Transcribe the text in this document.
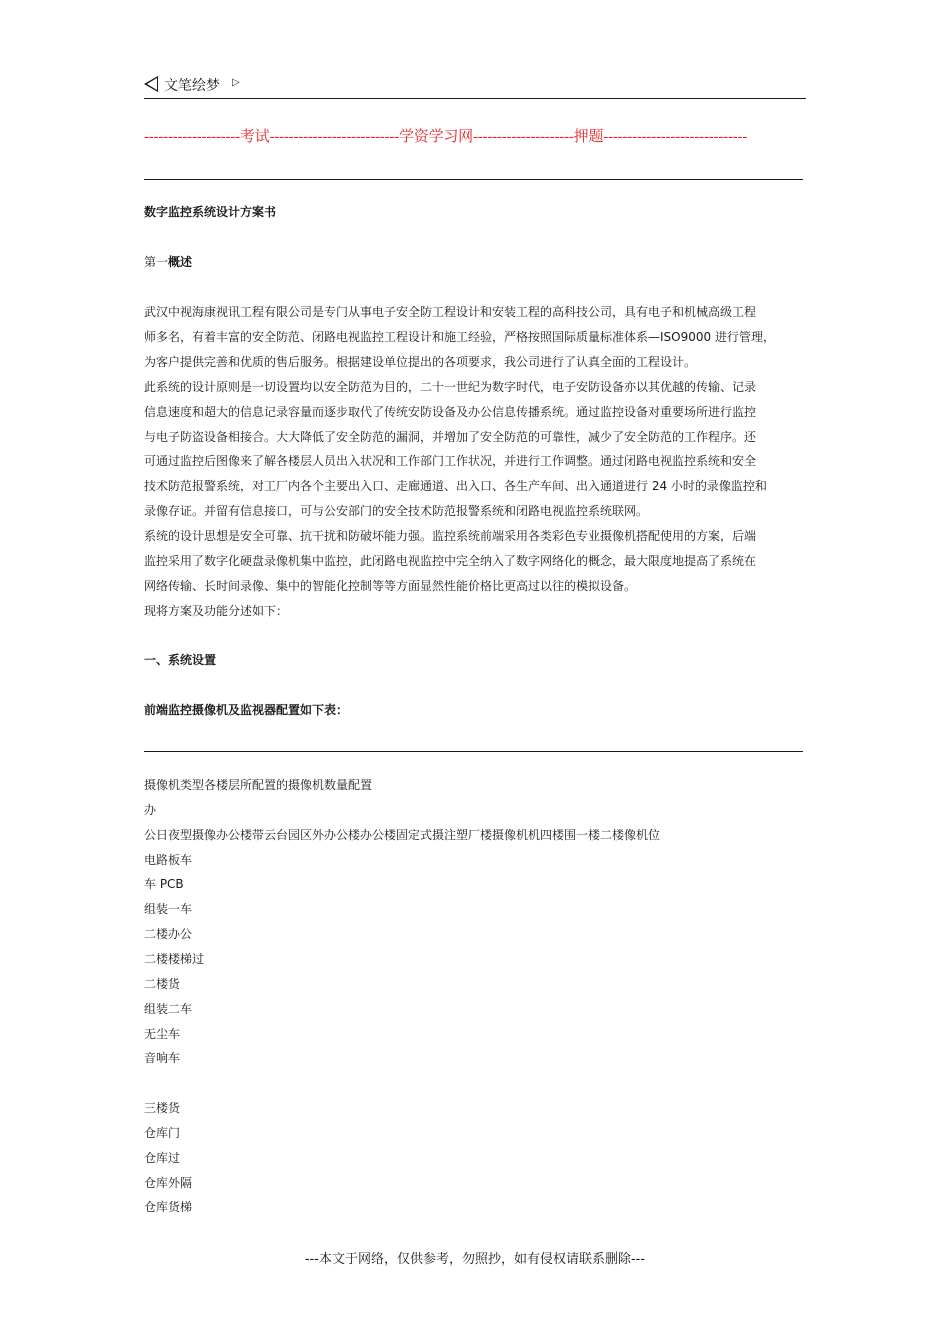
文笔绘梦 ▷
--------------------考试---------------------------学资学习网---------------------押题------------------------------
数字监控系统设计方案书
第一概述
武汉中视海康视讯工程有限公司是专门从事电子安全防工程设计和安装工程的高科技公司，具有电子和机械高级工程
师多名，有着丰富的安全防范、闭路电视监控工程设计和施工经验，严格按照国际质量标准体系—ISO9000 进行管理，
为客户提供完善和优质的售后服务。根据建设单位提出的各项要求，我公司进行了认真全面的工程设计。
此系统的设计原则是一切设置均以安全防范为目的，二十一世纪为数字时代，电子安防设备亦以其优越的传输、记录
信息速度和超大的信息记录容量而逐步取代了传统安防设备及办公信息传播系统。通过监控设备对重要场所进行监控
与电子防盗设备相接合。大大降低了安全防范的漏洞，并增加了安全防范的可靠性，减少了安全防范的工作程序。还
可通过监控后图像来了解各楼层人员出入状况和工作部门工作状况，并进行工作调整。通过闭路电视监控系统和安全
技术防范报警系统，对工厂内各个主要出入口、走廊通道、出入口、各生产车间、出入通道进行 24 小时的录像监控和
录像存证。并留有信息接口，可与公安部门的安全技术防范报警系统和闭路电视监控系统联网。
系统的设计思想是安全可靠、抗干扰和防破坏能力强。监控系统前端采用各类彩色专业摄像机搭配使用的方案，后端
监控采用了数字化硬盘录像机集中监控，此闭路电视监控中完全纳入了数字网络化的概念，最大限度地提高了系统在
网络传输、长时间录像、集中的智能化控制等等方面显然性能价格比更高过以往的模拟设备。
现将方案及功能分述如下：
一、系统设置
前端监控摄像机及监视器配置如下表：
摄像机类型各楼层所配置的摄像机数量配置
办
公日夜型摄像办公楼带云台园区外办公楼办公楼固定式摄注塑厂楼摄像机机四楼围一楼二楼像机位
电路板车
车 PCB
组装一车
二楼办公
二楼楼梯过
二楼货
组装二车
无尘车
音响车
三楼货
仓库门
仓库过
仓库外隔
仓库货梯
---本文于网络，仅供参考，勿照抄，如有侵权请联系删除---
